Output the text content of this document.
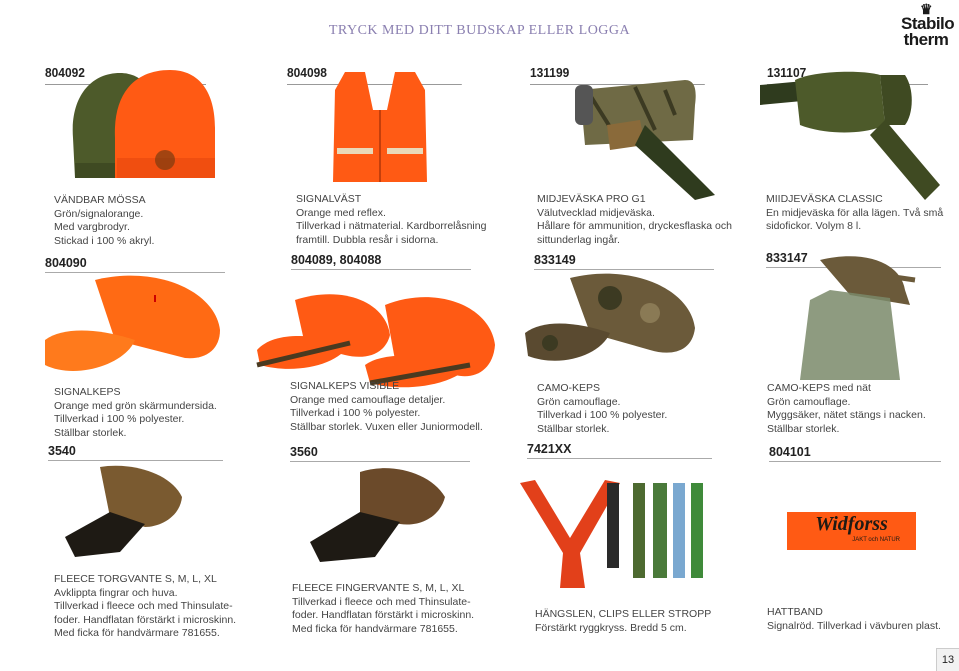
TRYCK MED DITT BUDSKAP ELLER LOGGA
♛
Stabilo
therm
804092	804098	131199	131107
VÄNDBAR MÖSSA
Grön/signalorange.
Med vargbrodyr.
Stickad i 100 % akryl.
SIGNALVÄST
Orange med reflex.
Tillverkad i nätmaterial. Kardborrelåsning
framtill. Dubbla resår i sidorna.
MIDJEVÄSKA PRO G1
Välutvecklad midjeväska.
Hållare för ammunition, dryckesflaska och
sittunderlag ingår.
MIIDJEVÄSKA CLASSIC
En midjeväska för alla lägen. Två små
sidofickor. Volym 8 l.
804090	804089, 804088	833149	833147
SIGNALKEPS
Orange med grön skärmundersida.
Tillverkad i 100 % polyester.
Ställbar storlek.
SIGNALKEPS VISIBLE
Orange med camouflage detaljer.
Tillverkad i 100 % polyester.
Ställbar storlek. Vuxen eller Juniormodell.
CAMO-KEPS
Grön camouflage.
Tillverkad i 100 % polyester.
Ställbar storlek.
CAMO-KEPS med nät
Grön camouflage.
Myggsäker, nätet stängs i nacken.
Ställbar storlek.
3540	3560	7421XX	804101
Widforss
JAKT och NATUR
FLEECE TORGVANTE S, M, L, XL
Avklippta fingrar och huva.
Tillverkad i fleece och med Thinsulate-
foder. Handflatan förstärkt i microskinn.
Med ficka för handvärmare 781655.
FLEECE FINGERVANTE S, M, L, XL
Tillverkad i fleece och med Thinsulate-
foder. Handflatan förstärkt i microskinn.
Med ficka för handvärmare 781655.
HÄNGSLEN, CLIPS ELLER STROPP
Förstärkt ryggkryss. Bredd 5 cm.
HATTBAND
Signalröd. Tillverkad i vävburen plast.
13
